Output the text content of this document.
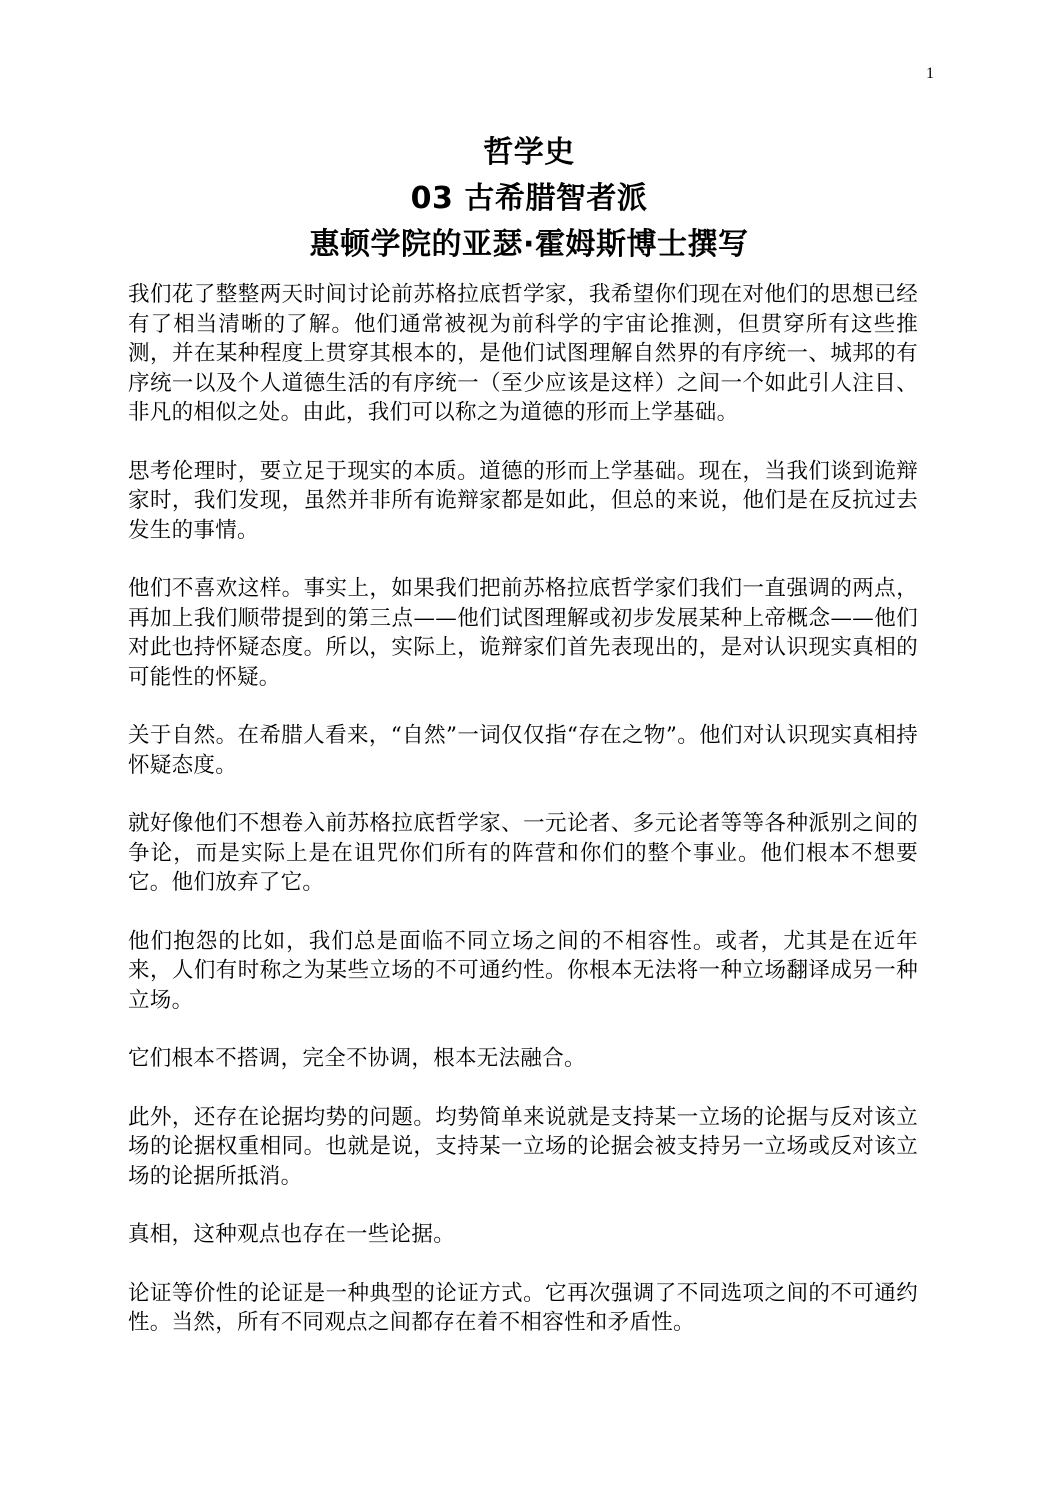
1
哲学史
03 古希腊智者派
惠顿学院的亚瑟·霍姆斯博士撰写

我们花了整整两天时间讨论前苏格拉底哲学家，我希望你们现在对他们的思想已经有了相当清晰的了解。他们通常被视为前科学的宇宙论推测，但贯穿所有这些推测，并在某种程度上贯穿其根本的，是他们试图理解自然界的有序统一、城邦的有序统一以及个人道德生活的有序统一（至少应该是这样）之间一个如此引人注目、非凡的相似之处。由此，我们可以称之为道德的形而上学基础。

思考伦理时，要立足于现实的本质。道德的形而上学基础。现在，当我们谈到诡辩家时，我们发现，虽然并非所有诡辩家都是如此，但总的来说，他们是在反抗过去发生的事情。

他们不喜欢这样。事实上，如果我们把前苏格拉底哲学家们我们一直强调的两点，再加上我们顺带提到的第三点——他们试图理解或初步发展某种上帝概念——他们对此也持怀疑态度。所以，实际上，诡辩家们首先表现出的，是对认识现实真相的可能性的怀疑。

关于自然。在希腊人看来，“自然”一词仅仅指“存在之物”。他们对认识现实真相持怀疑态度。

就好像他们不想卷入前苏格拉底哲学家、一元论者、多元论者等等各种派别之间的争论，而是实际上是在诅咒你们所有的阵营和你们的整个事业。他们根本不想要它。他们放弃了它。

他们抱怨的比如，我们总是面临不同立场之间的不相容性。或者，尤其是在近年来，人们有时称之为某些立场的不可通约性。你根本无法将一种立场翻译成另一种立场。

它们根本不搭调，完全不协调，根本无法融合。

此外，还存在论据均势的问题。均势简单来说就是支持某一立场的论据与反对该立场的论据权重相同。也就是说，支持某一立场的论据会被支持另一立场或反对该立场的论据所抵消。

真相，这种观点也存在一些论据。

论证等价性的论证是一种典型的论证方式。它再次强调了不同选项之间的不可通约性。当然，所有不同观点之间都存在着不相容性和矛盾性。
